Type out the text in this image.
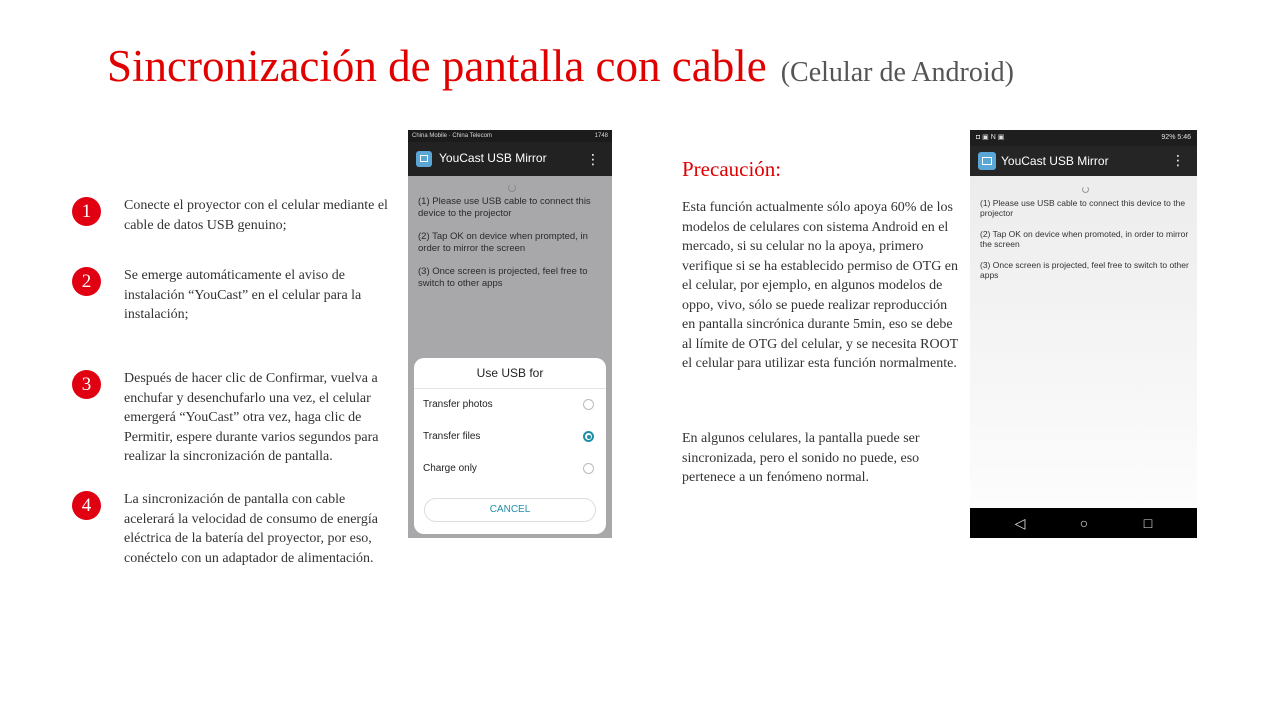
Sincronización de pantalla con cable (Celular de Android)
1	Conecte el proyector con el celular mediante el cable de datos USB genuino;
2	Se emerge automáticamente el aviso de instalación “YouCast” en el celular para la instalación;
3	Después de hacer clic de Confirmar, vuelva a enchufar y desenchufarlo una vez, el celular emergerá “YouCast” otra vez, haga clic de Permitir, espere durante varios segundos para realizar la sincronización de pantalla.
4	La sincronización de pantalla con cable acelerará la velocidad de consumo de energía eléctrica de la batería del proyector, por eso, conéctelo con un adaptador de alimentación.
China Mobile · China Telecom	1748
YouCast USB Mirror	⋮

(1) Please use USB cable to connect this device to the projector

(2) Tap OK on device when prompted, in order to mirror the screen

(3) Once screen is projected, feel free to switch to other apps

Use USB for
Transfer photos
Transfer files
Charge only
CANCEL
Precaución:

Esta función actualmente sólo apoya 60% de los modelos de celulares con sistema Android en el mercado, si su celular no la apoya, primero verifique si se ha establecido permiso de OTG en el celular, por ejemplo, en algunos modelos de oppo, vivo, sólo se puede realizar reproducción en pantalla sincrónica durante 5min, eso se debe al límite de OTG del celular, y se necesita ROOT el celular para utilizar esta función normalmente.

En algunos celulares, la pantalla puede ser sincronizada, pero el sonido no puede, eso pertenece a un fenómeno normal.

◘ ▣ N ▣	92% 5:46
YouCast USB Mirror	⋮

(1) Please use USB cable to connect this device to the projector

(2) Tap OK on device when promoted, in order to mirror the screen

(3) Once screen is projected, feel free to switch to other apps

◁	○	□
